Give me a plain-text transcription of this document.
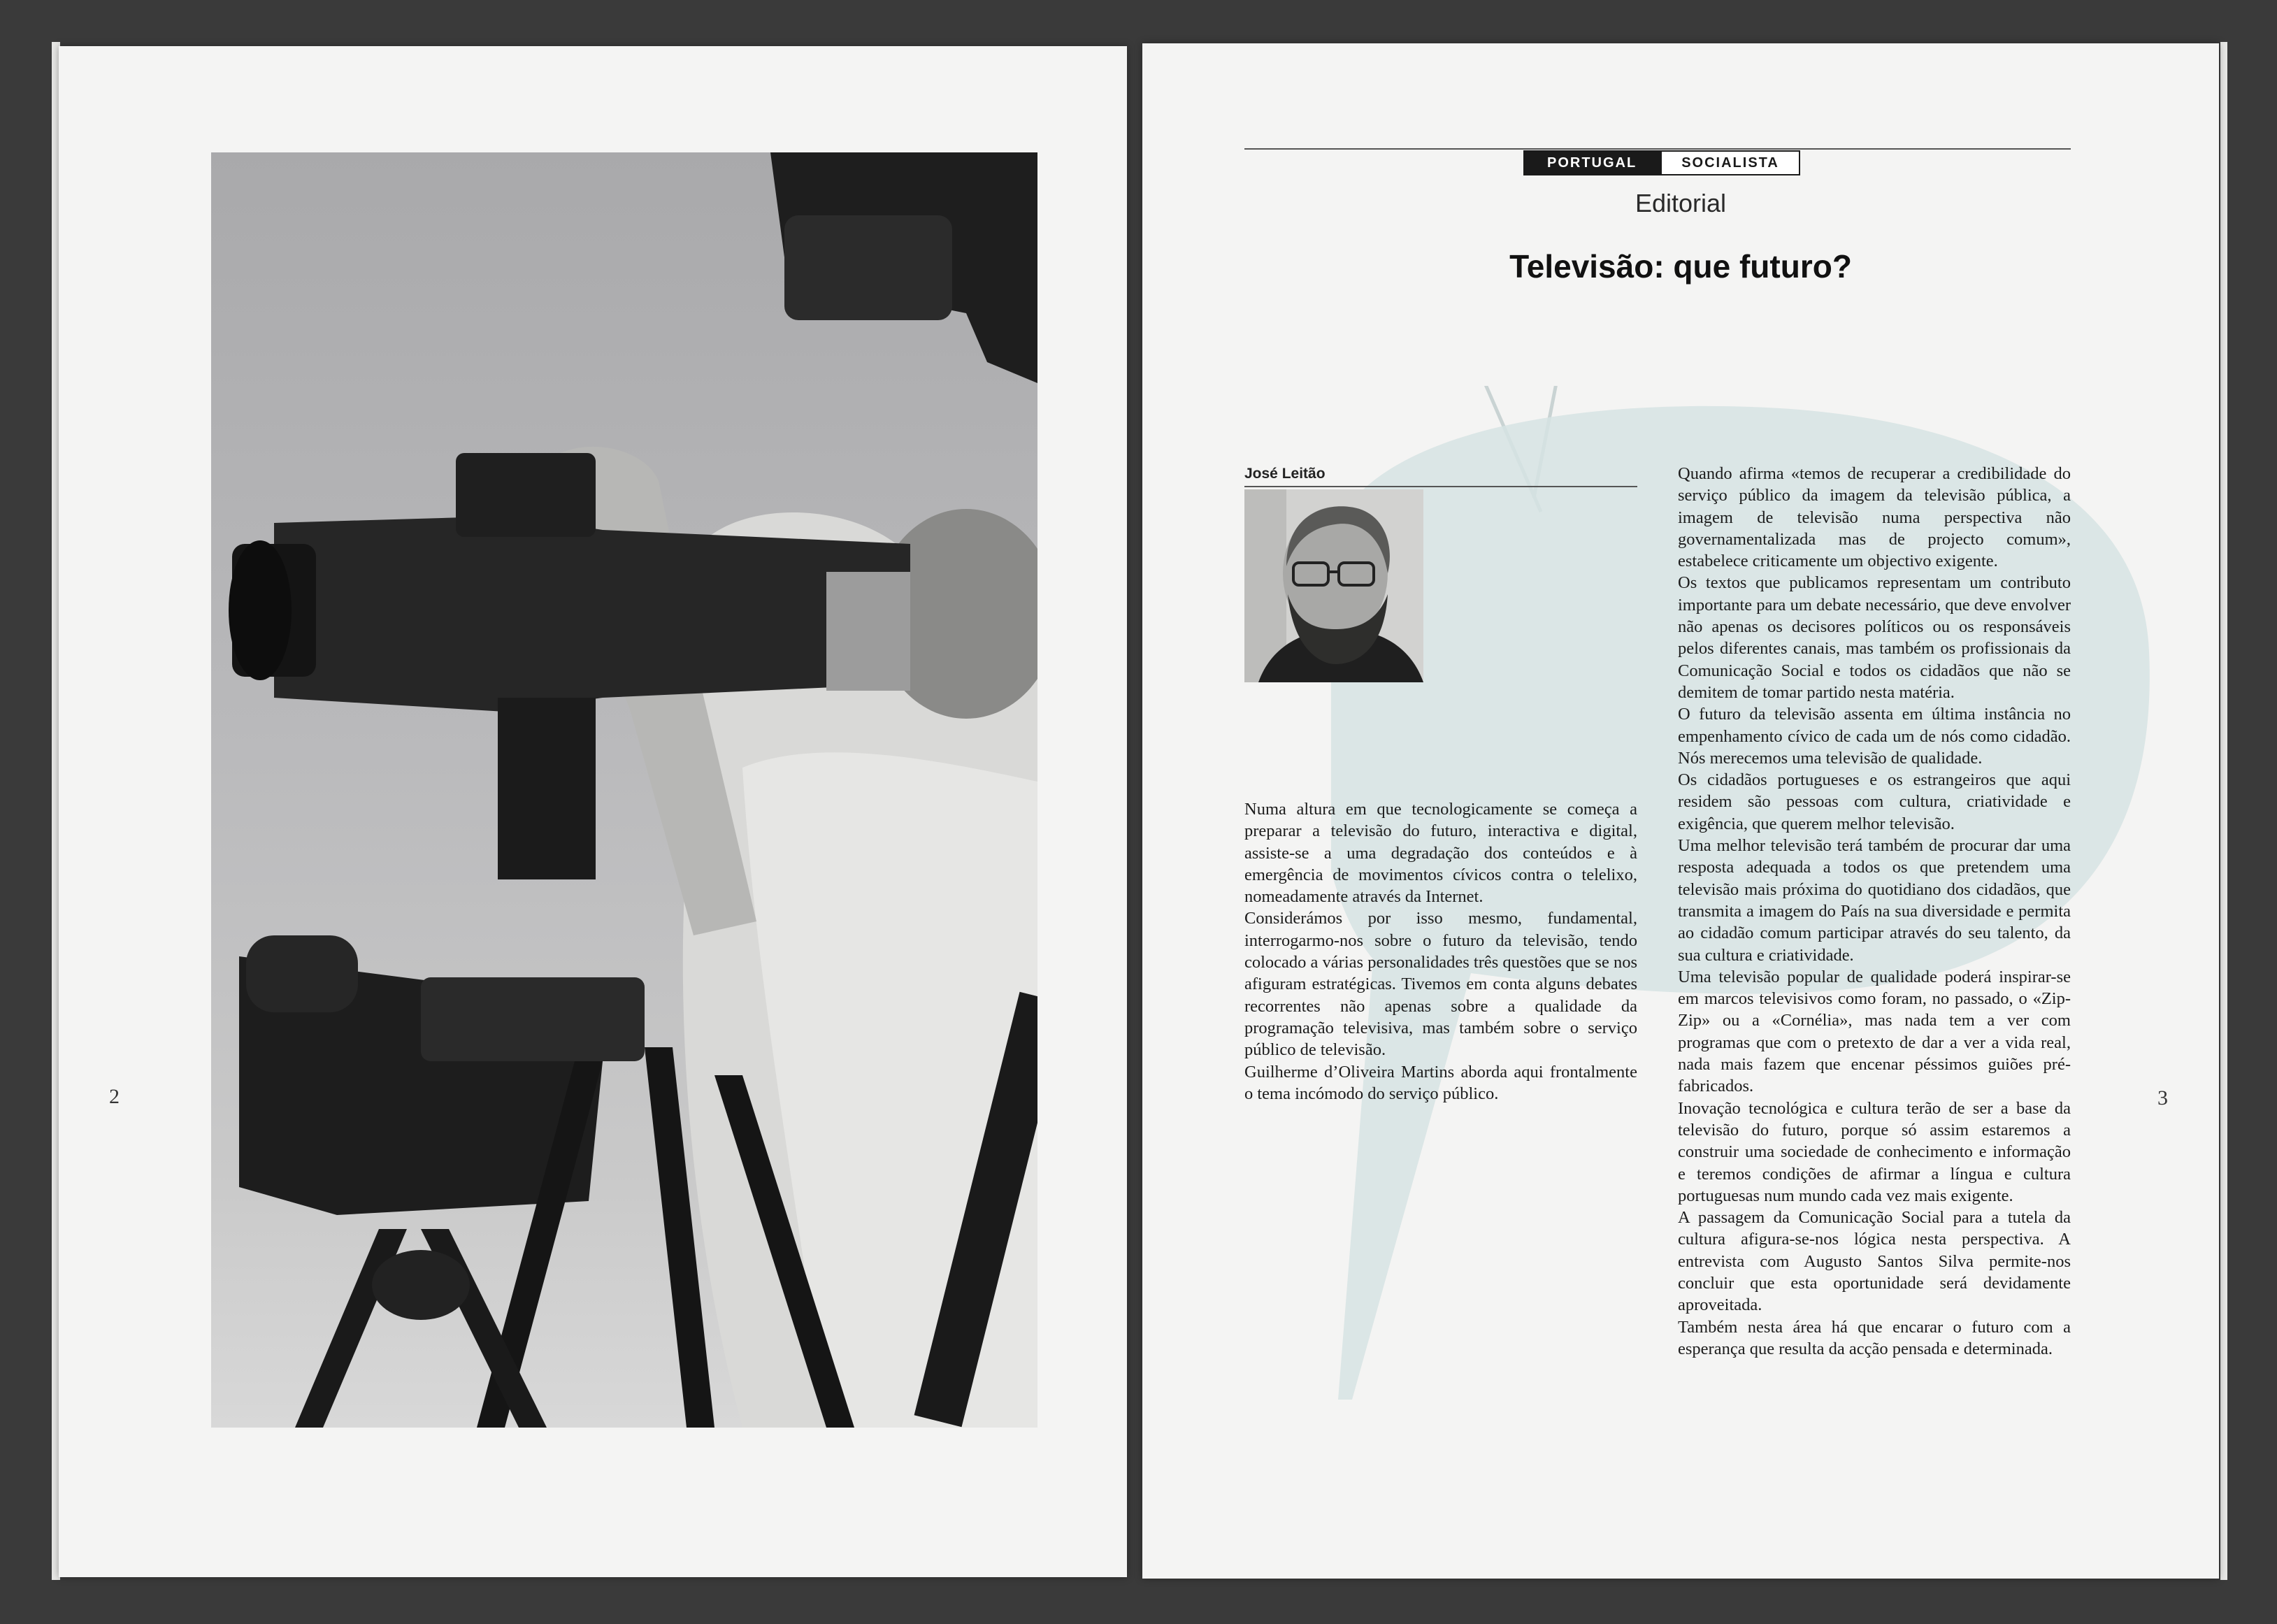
2
PORTUGAL	SOCIALISTA
Editorial
Televisão: que futuro?
José Leitão

Numa altura em que tecnologicamente se começa a preparar a televisão do futuro, interactiva e digital, assiste-se a uma degradação dos conteúdos e à emergência de movimentos cívicos contra o telelixo, nomeadamente através da Internet.

Considerámos por isso mesmo, fundamental, interrogarmo-nos sobre o futuro da televisão, tendo colocado a várias personalidades três questões que se nos afiguram estratégicas. Tivemos em conta alguns debates recorrentes não apenas sobre a qualidade da programação televisiva, mas também sobre o serviço público de televisão.

Guilherme d’Oliveira Martins aborda aqui frontalmente o tema incómodo do serviço público.

Quando afirma «temos de recuperar a credibilidade do serviço público da imagem da televisão pública, a imagem de televisão numa perspectiva não governamentalizada mas de projecto comum», estabelece criticamente um objectivo exigente.

Os textos que publicamos representam um contributo importante para um debate necessário, que deve envolver não apenas os decisores políticos ou os responsáveis pelos diferentes canais, mas também os profissionais da Comunicação Social e todos os cidadãos que não se demitem de tomar partido nesta matéria.

O futuro da televisão assenta em última instância no empenhamento cívico de cada um de nós como cidadão. Nós merecemos uma televisão de qualidade.

Os cidadãos portugueses e os estrangeiros que aqui residem são pessoas com cultura, criatividade e exigência, que querem melhor televisão.

Uma melhor televisão terá também de procurar dar uma resposta adequada a todos os que pretendem uma televisão mais próxima do quotidiano dos cidadãos, que transmita a imagem do País na sua diversidade e permita ao cidadão comum participar através do seu talento, da sua cultura e criatividade.

Uma televisão popular de qualidade poderá inspirar-se em marcos televisivos como foram, no passado, o «Zip-Zip» ou a «Cornélia», mas nada tem a ver com programas que com o pretexto de dar a ver a vida real, nada mais fazem que encenar péssimos guiões pré-fabricados.

Inovação tecnológica e cultura terão de ser a base da televisão do futuro, porque só assim estaremos a construir uma sociedade de conhecimento e informação e teremos condições de afirmar a língua e cultura portuguesas num mundo cada vez mais exigente.

A passagem da Comunicação Social para a tutela da cultura afigura-se-nos lógica nesta perspectiva. A entrevista com Augusto Santos Silva permite-nos concluir que esta oportunidade será devidamente aproveitada.

Também nesta área há que encarar o futuro com a esperança que resulta da acção pensada e determinada.

3
